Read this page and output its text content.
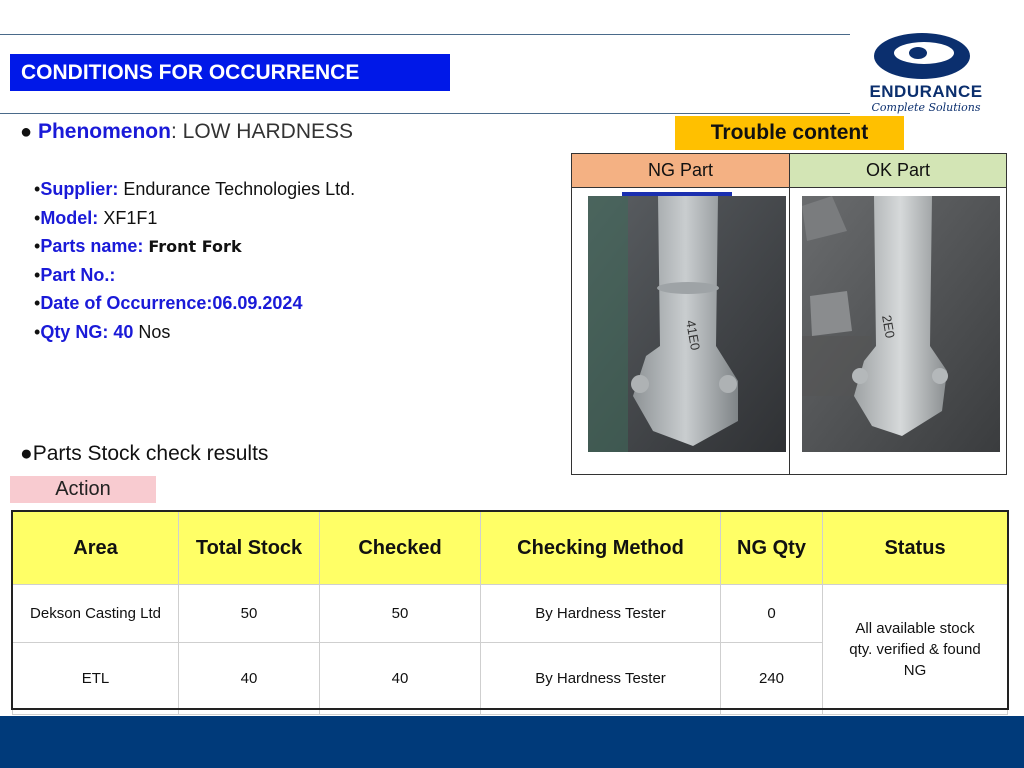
CONDITIONS FOR OCCURRENCE
ENDURANCE
Complete Solutions
● Phenomenon: LOW HARDNESS	Trouble content
•Supplier: Endurance Technologies Ltd.
•Model: XF1F1
•Parts name: Front Fork
•Part No.:
•Date of Occurrence:06.09.2024
•Qty NG: 40 Nos
NG Part	OK Part
41E0	2E0
●Parts Stock check results
Action
Area	Total Stock	Checked	Checking Method	NG Qty	Status
Dekson Casting Ltd	50	50	By Hardness Tester	0	All available stock qty. verified & found NG
ETL	40	40	By Hardness Tester	240	
